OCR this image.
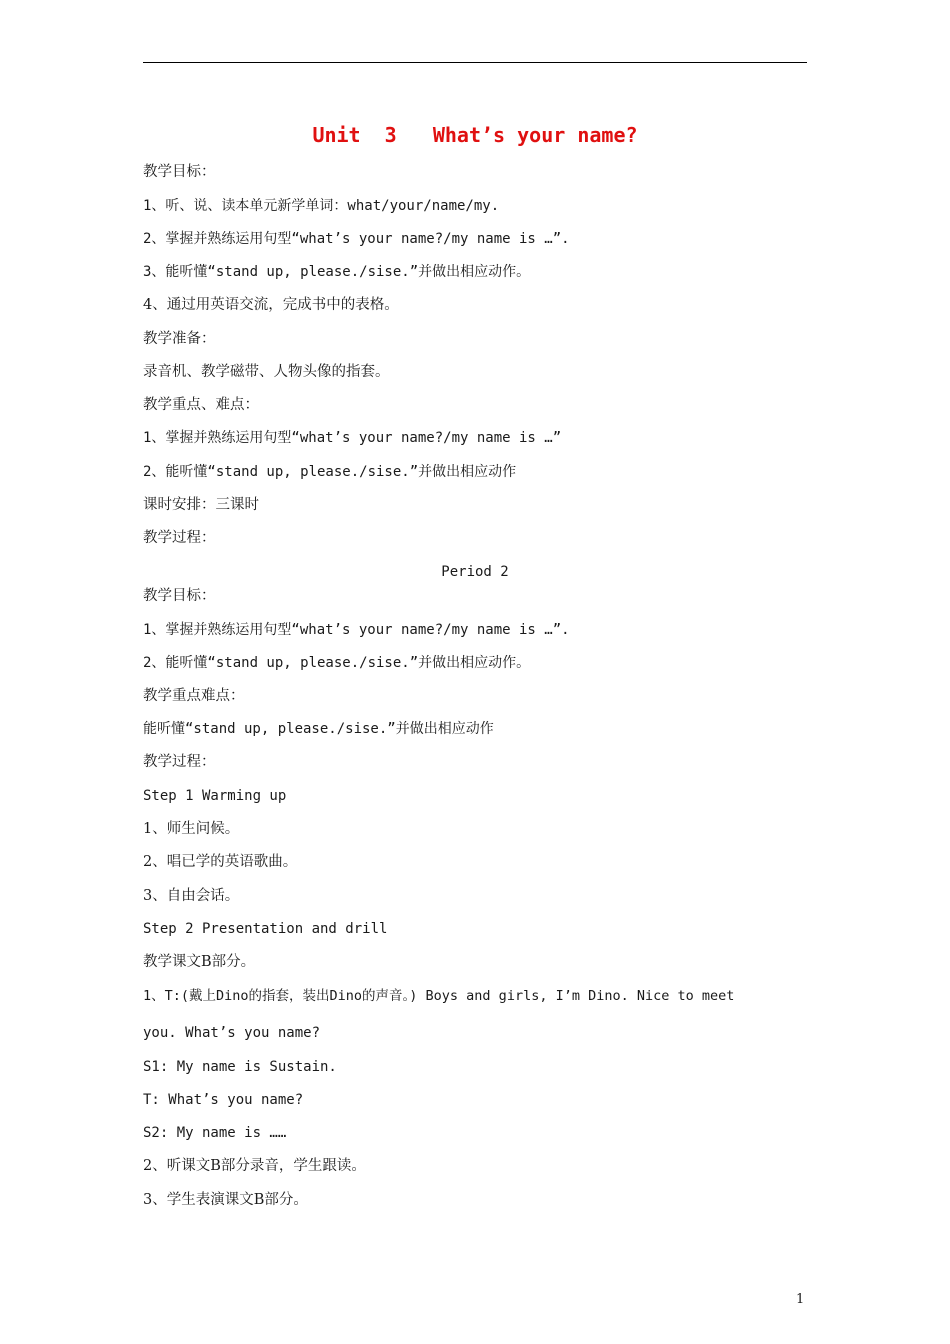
Unit  3   What’s your name?

教学目标：

1、听、说、读本单元新学单词：what/your/name/my.

2、掌握并熟练运用句型“what’s your name?/my name is …”.

3、能听懂“stand up, please./sise.”并做出相应动作。

4、通过用英语交流，完成书中的表格。

教学准备：

录音机、教学磁带、人物头像的指套。

教学重点、难点：

1、掌握并熟练运用句型“what’s your name?/my name is …”

2、能听懂“stand up, please./sise.”并做出相应动作

课时安排：三课时

教学过程：

Period 2

教学目标：

1、掌握并熟练运用句型“what’s your name?/my name is …”.

2、能听懂“stand up, please./sise.”并做出相应动作。

教学重点难点：

能听懂“stand up, please./sise.”并做出相应动作

教学过程：

Step 1 Warming up

1、师生问候。

2、唱已学的英语歌曲。

3、自由会话。

Step 2 Presentation and drill

教学课文B部分。

1、T:(戴上Dino的指套，装出Dino的声音。) Boys and girls, I’m Dino. Nice to meet

you. What’s you name?

S1: My name is Sustain.

T: What’s you name?

S2: My name is ……

2、听课文B部分录音，学生跟读。

3、学生表演课文B部分。

1
